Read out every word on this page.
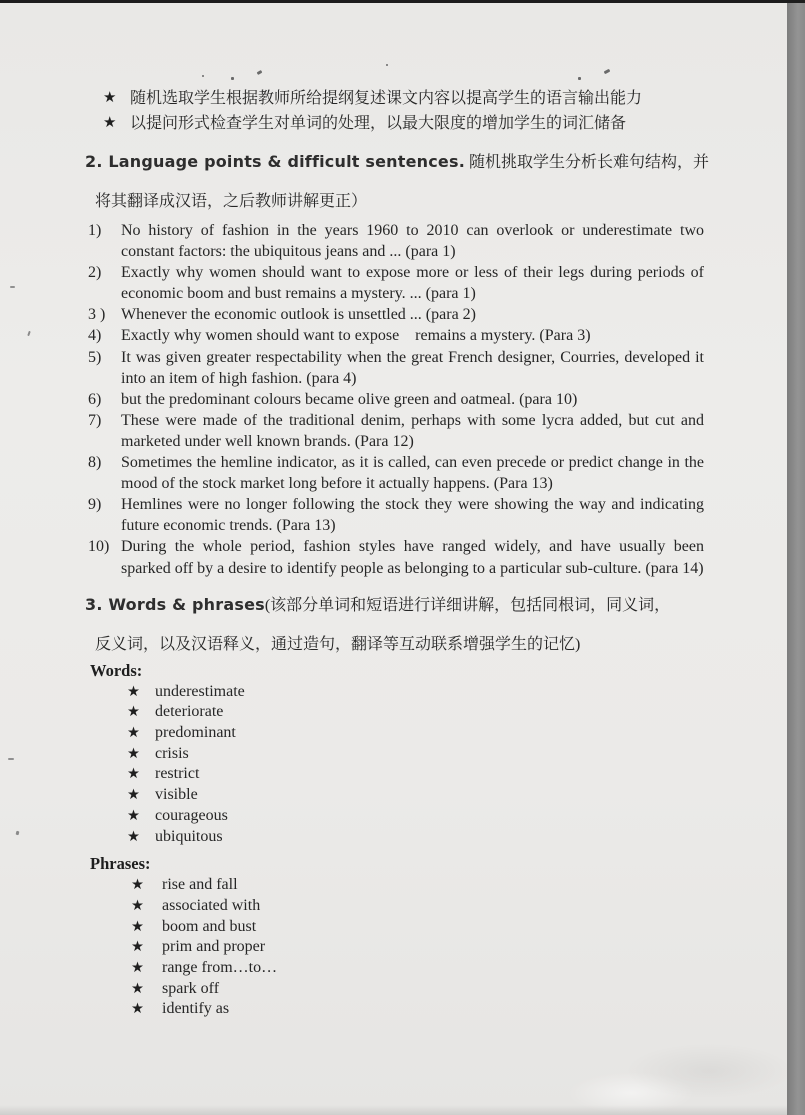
★ 随机选取学生根据教师所给提纲复述课文内容以提高学生的语言输出能力
★ 以提问形式检查学生对单词的处理，以最大限度的增加学生的词汇储备
2. Language points & difficult sentences. 随机挑取学生分析长难句结构，并
将其翻译成汉语，之后教师讲解更正）
1)	No history of fashion in the years 1960 to 2010 can overlook or underestimate two constant factors: the ubiquitous jeans and ... (para 1)
2)	Exactly why women should want to expose more or less of their legs during periods of economic boom and bust remains a mystery. ... (para 1)
3 ) Whenever the economic outlook is unsettled ... (para 2)
4)	Exactly why women should want to expose    remains a mystery. (Para 3)
5)	It was given greater respectability when the great French designer, Courries, developed it into an item of high fashion. (para 4)
6)	but the predominant colours became olive green and oatmeal. (para 10)
7)	These were made of the traditional denim, perhaps with some lycra added, but cut and marketed under well known brands. (Para 12)
8)	Sometimes the hemline indicator, as it is called, can even precede or predict change in the mood of the stock market long before it actually happens. (Para 13)
9)	Hemlines were no longer following the stock they were showing the way and indicating future economic trends. (Para 13)
10) During the whole period, fashion styles have ranged widely, and have usually been sparked off by a desire to identify people as belonging to a particular sub-culture. (para 14)
3. Words & phrases(该部分单词和短语进行详细讲解，包括同根词，同义词，
反义词，以及汉语释义，通过造句，翻译等互动联系增强学生的记忆)
Words:
★ underestimate
★ deteriorate
★ predominant
★ crisis
★ restrict
★ visible
★ courageous
★ ubiquitous
Phrases:
★ rise and fall
★ associated with
★ boom and bust
★ prim and proper
★ range from…to…
★ spark off
★ identify as
